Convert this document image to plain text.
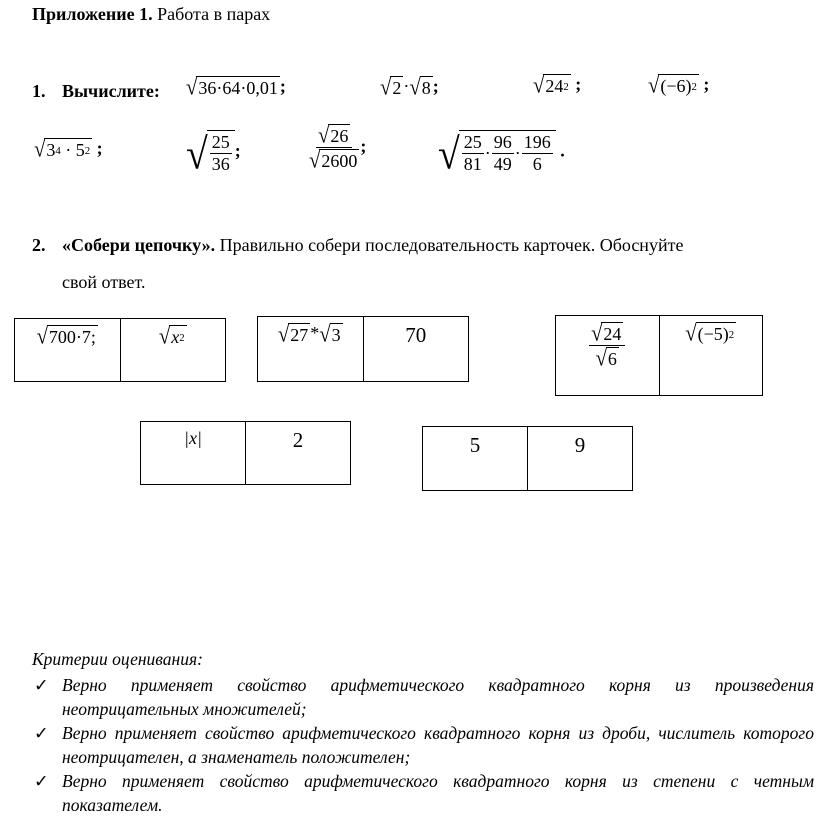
Приложение 1. Работа в парах
1. Вычислите: √ 36·64·0,01 ;	√ 2 · √ 8 ;	√ 24 2 ;	√ (−6) 2 ;
√ 3 4
·
5 2 ; √ 25
36
;	$\frac{√ 26}{√ 2600}$ ; √ 25
81
·
96
49
·
196
6
.
2. «Собери цепочку». Правильно собери последовательность карточек. Обоснуйте
свой ответ.
√ 700·7;	√ x 2	√ 27 * √ 3	70	√ 24
√ 6
√ (−5) 2
|x|	2	5	9
Критерии оценивания:
✓ Верно применяет свойство арифметического квадратного корня из произведения неотрицательных множителей;
✓ Верно применяет свойство арифметического квадратного корня из дроби, числитель которого неотрицателен, а знаменатель положителен;
✓ Верно применяет свойство арифметического квадратного корня из степени с четным показателем.
